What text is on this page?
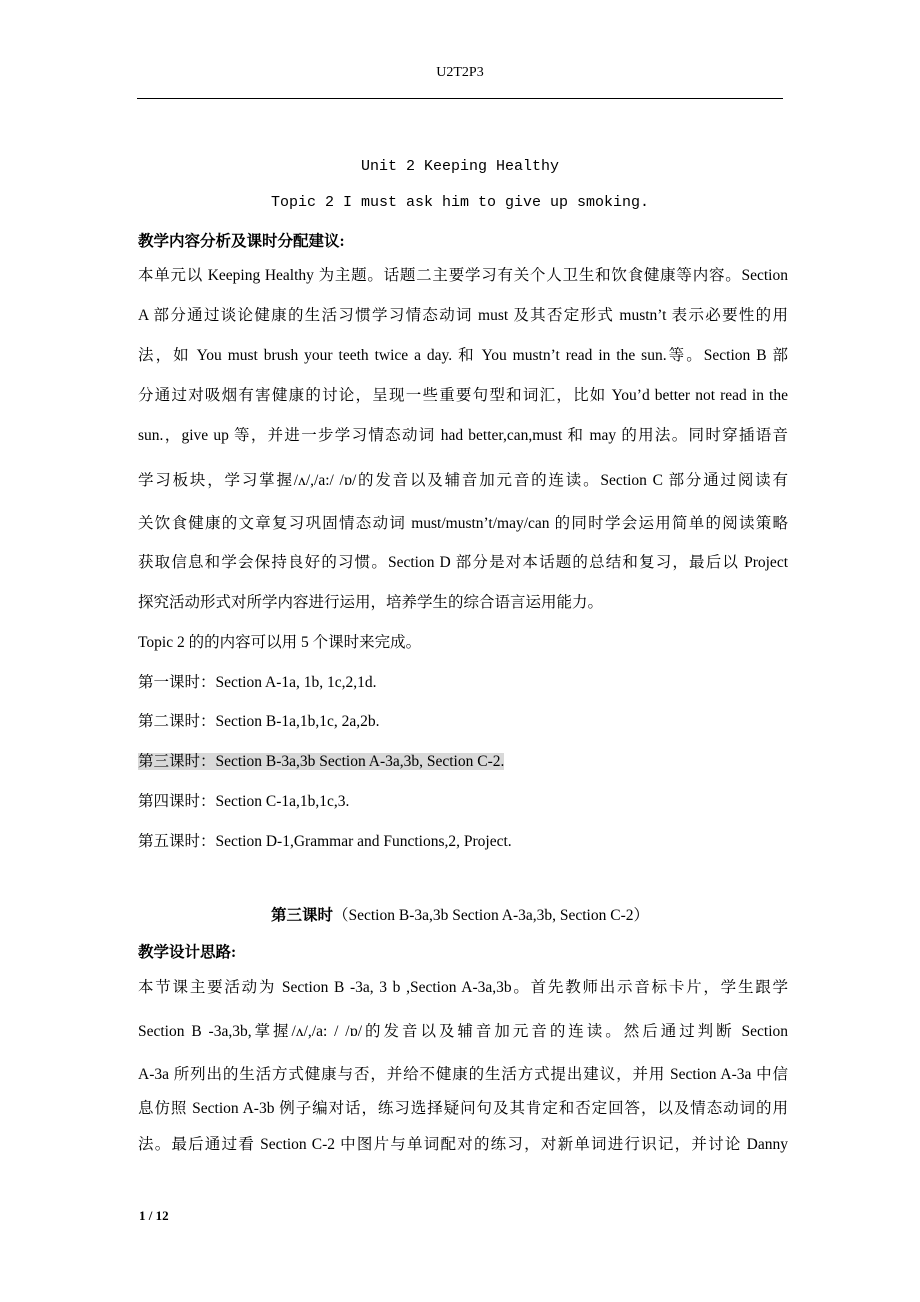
U2T2P3
Unit 2 Keeping Healthy
Topic 2 I must ask him to give up smoking.
教学内容分析及课时分配建议:
本单元以 Keeping Healthy 为主题。话题二主要学习有关个人卫生和饮食健康等内容。Section
A 部分通过谈论健康的生活习惯学习情态动词 must 及其否定形式 mustn’t 表示必要性的用
法，如 You must brush your teeth twice a day. 和 You mustn’t read in the sun.等。Section B 部
分通过对吸烟有害健康的讨论，呈现一些重要句型和词汇，比如 You’d better not read in the
sun.，give up 等，并进一步学习情态动词 had better,can,must 和 may 的用法。同时穿插语音
学习板块，学习掌握/ʌ/,/a:/ /ɒ/的发音以及辅音加元音的连读。Section C 部分通过阅读有
关饮食健康的文章复习巩固情态动词 must/mustn’t/may/can 的同时学会运用简单的阅读策略
获取信息和学会保持良好的习惯。Section D 部分是对本话题的总结和复习，最后以 Project
探究活动形式对所学内容进行运用，培养学生的综合语言运用能力。
Topic 2 的的内容可以用 5 个课时来完成。
第一课时：Section A-1a, 1b, 1c,2,1d.
第二课时：Section B-1a,1b,1c, 2a,2b.
第三课时：Section B-3a,3b Section A-3a,3b, Section C-2.
第四课时：Section C-1a,1b,1c,3.
第五课时：Section D-1,Grammar and Functions,2, Project.
第三课时（Section B-3a,3b Section A-3a,3b, Section C-2）
教学设计思路:
本节课主要活动为 Section B -3a, 3 b ,Section A-3a,3b。首先教师出示音标卡片，学生跟学
Section B -3a,3b,掌握/ʌ/,/a: / /ɒ/的发音以及辅音加元音的连读。然后通过判断 Section
A-3a 所列出的生活方式健康与否，并给不健康的生活方式提出建议，并用 Section A-3a 中信
息仿照 Section A-3b 例子编对话，练习选择疑问句及其肯定和否定回答，以及情态动词的用
法。最后通过看 Section C-2 中图片与单词配对的练习，对新单词进行识记，并讨论 Danny
1 / 12
